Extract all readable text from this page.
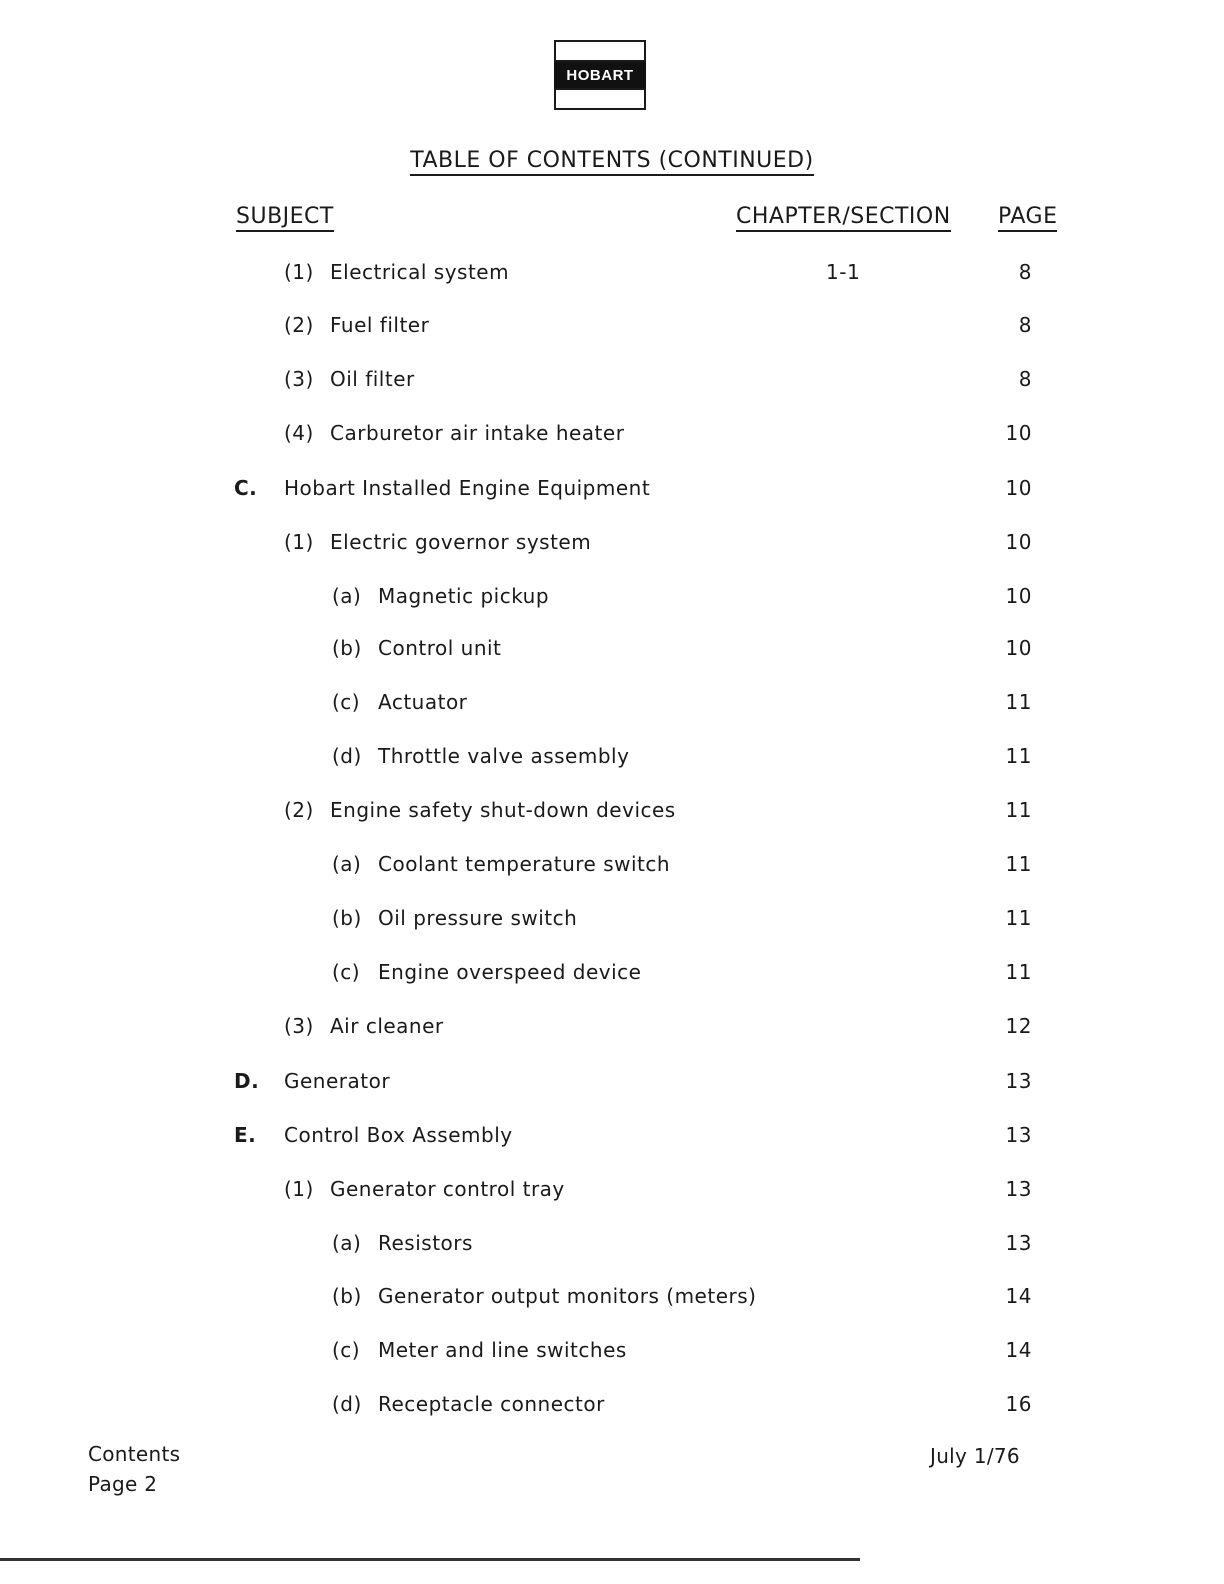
HOBART
TABLE OF CONTENTS (CONTINUED)
SUBJECT	CHAPTER/SECTION PAGE
(1) Electrical system	1-1	8
(2) Fuel filter	8
(3) Oil filter	8
(4) Carburetor air intake heater	10
C. Hobart Installed Engine Equipment	10
(1) Electric governor system	10
(a) Magnetic pickup	10
(b) Control unit	10
(c) Actuator	11
(d) Throttle valve assembly	11
(2) Engine safety shut-down devices	11
(a) Coolant temperature switch	11
(b) Oil pressure switch	11
(c) Engine overspeed device	11
(3) Air cleaner	12
D. Generator	13
E. Control Box Assembly	13
(1) Generator control tray	13
(a) Resistors	13
(b) Generator output monitors (meters)	14
(c) Meter and line switches	14
(d) Receptacle connector	16
Contents
Page 2
July 1/76
